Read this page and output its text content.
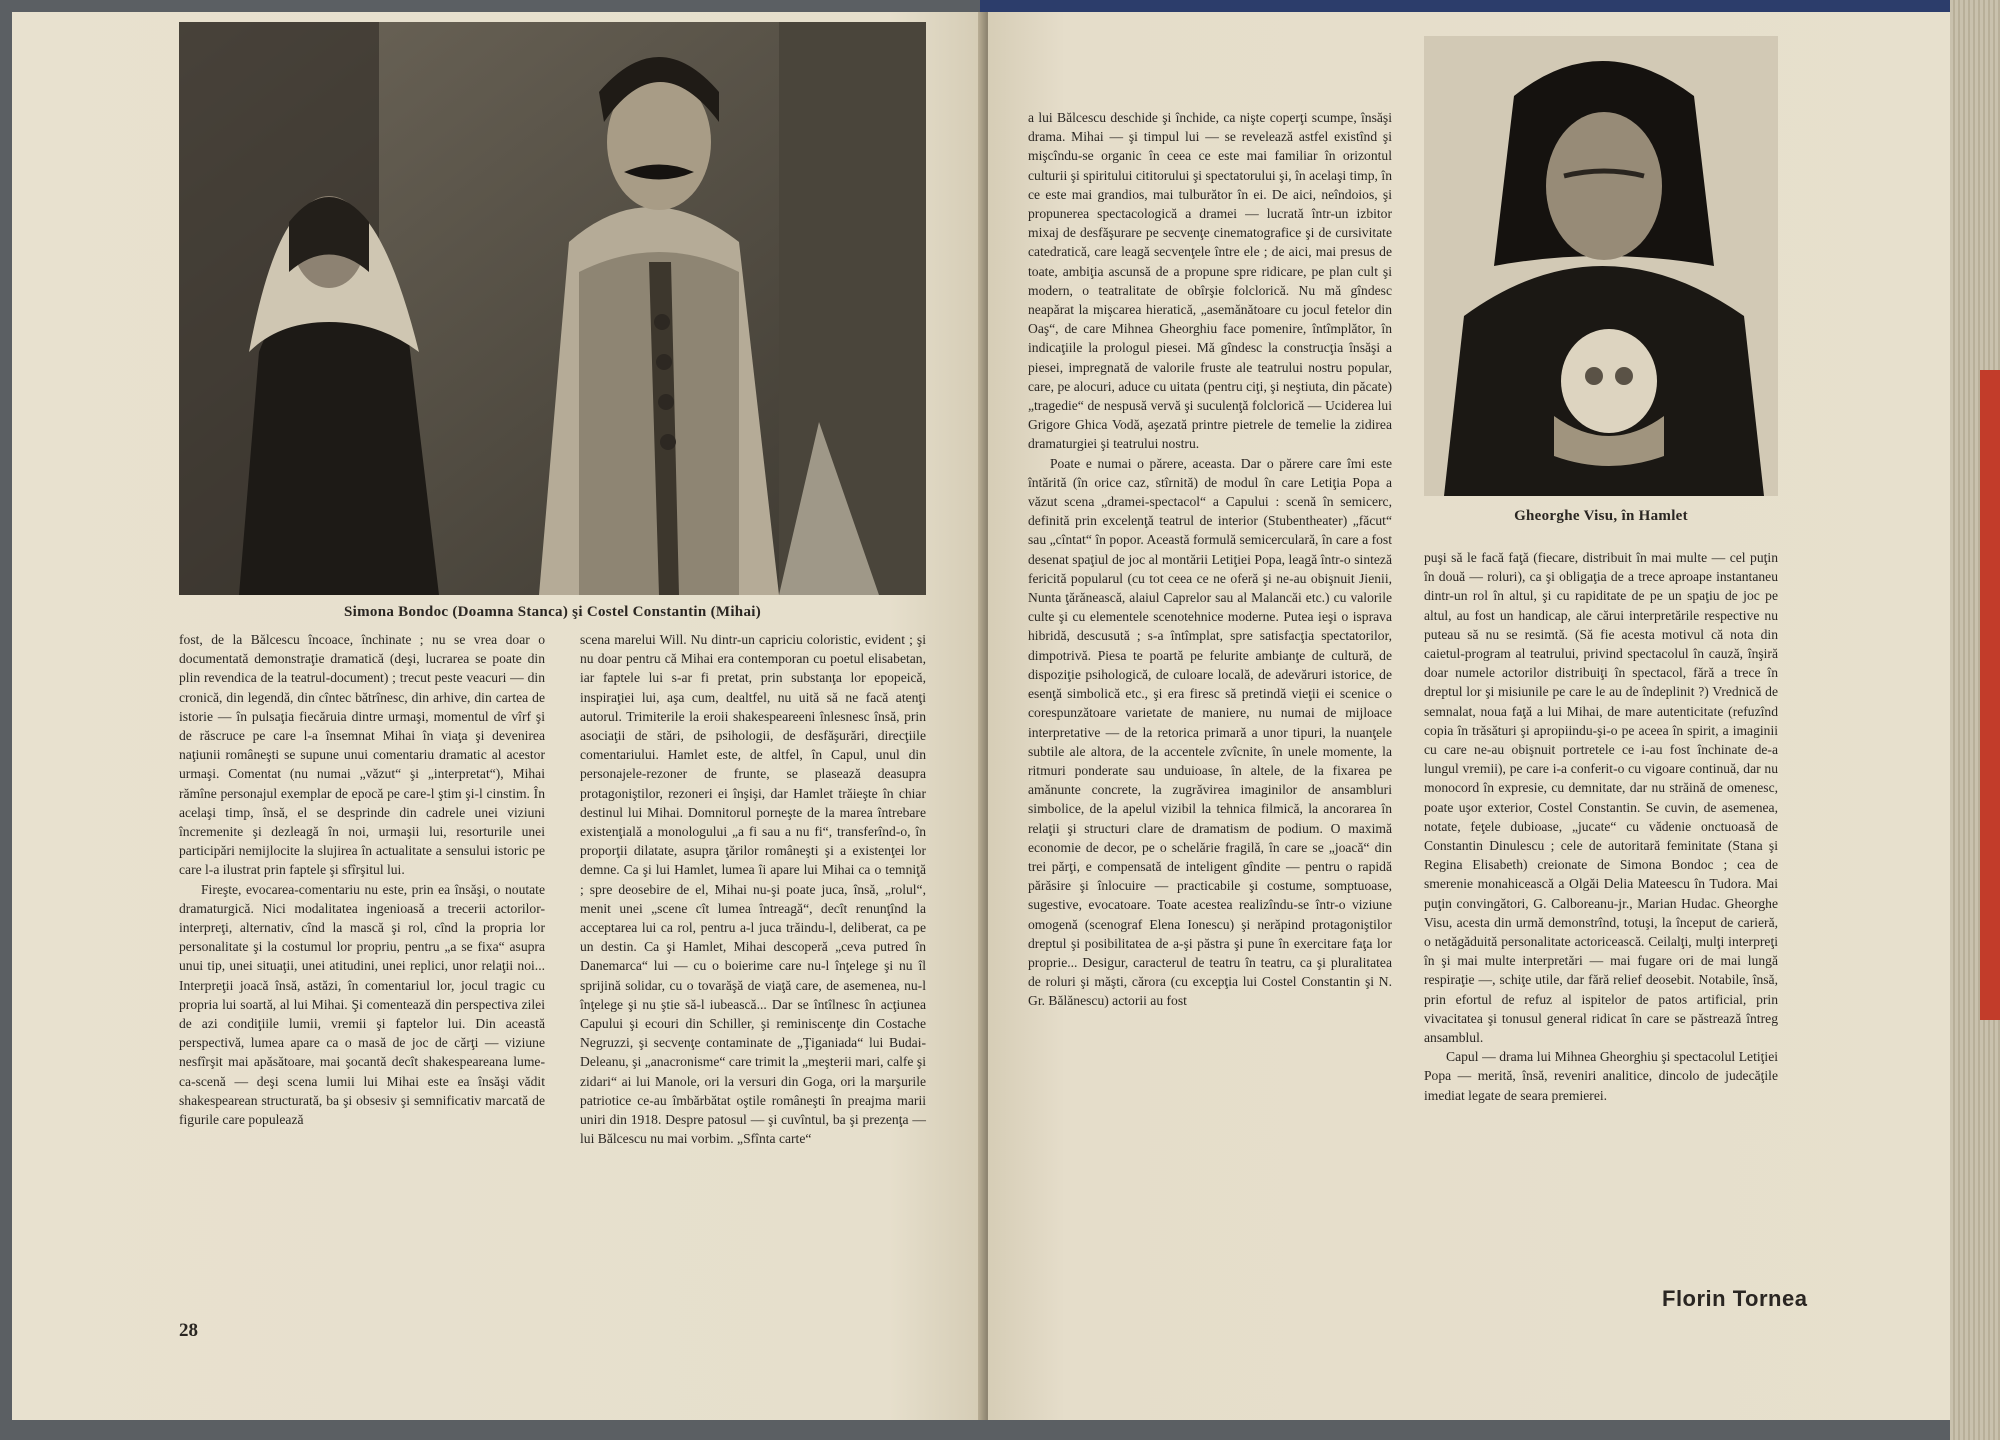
Simona Bondoc (Doamna Stanca) şi Costel Constantin (Mihai)

fost, de la Bălcescu încoace, închinate ; nu se vrea doar o documentată demonstraţie dramatică (deşi, lucrarea se poate din plin revendica de la teatrul-document) ; trecut peste veacuri — din cronică, din legendă, din cîntec bătrînesc, din arhive, din cartea de istorie — în pulsaţia fiecăruia dintre urmaşi, momentul de vîrf şi de răscruce pe care l-a însemnat Mihai în viaţa şi devenirea naţiunii româneşti se supune unui comentariu dramatic al acestor urmaşi. Comentat (nu numai „văzut“ şi „interpretat“), Mihai rămîne personajul exemplar de epocă pe care-l ştim şi-l cinstim. În acelaşi timp, însă, el se desprinde din cadrele unei viziuni încremenite şi dezleagă în noi, urmaşii lui, resorturile unei participări nemijlocite la slujirea în actualitate a sensului istoric pe care l-a ilustrat prin faptele şi sfîrşitul lui.

Fireşte, evocarea-comentariu nu este, prin ea însăşi, o noutate dramaturgică. Nici modalitatea ingenioasă a trecerii actorilor-interpreţi, alternativ, cînd la mască şi rol, cînd la propria lor personalitate şi la costumul lor propriu, pentru „a se fixa“ asupra unui tip, unei situaţii, unei atitudini, unei replici, unor relaţii noi... Interpreţii joacă însă, astăzi, în comentariul lor, jocul tragic cu propria lui soartă, al lui Mihai. Şi comentează din perspectiva zilei de azi condiţiile lumii, vremii şi faptelor lui. Din această perspectivă, lumea apare ca o masă de joc de cărţi — viziune nesfîrşit mai apăsătoare, mai şocantă decît shakespeareana lume-ca-scenă — deşi scena lumii lui Mihai este ea însăşi vădit shakespearean structurată, ba şi obsesiv şi semnificativ marcată de figurile care populează

scena marelui Will. Nu dintr-un capriciu coloristic, evident ; şi nu doar pentru că Mihai era contemporan cu poetul elisabetan, iar faptele lui s-ar fi pretat, prin substanţa lor epopeică, inspiraţiei lui, aşa cum, dealtfel, nu uită să ne facă atenţi autorul. Trimiterile la eroii shakespeareeni înlesnesc însă, prin asociaţii de stări, de psihologii, de desfăşurări, direcţiile comentariului. Hamlet este, de altfel, în Capul, unul din personajele-rezoner de frunte, se plasează deasupra protagoniştilor, rezoneri ei înşişi, dar Hamlet trăieşte în chiar destinul lui Mihai. Domnitorul porneşte de la marea întrebare existenţială a monologului „a fi sau a nu fi“, transferînd-o, în proporţii dilatate, asupra ţărilor româneşti şi a existenţei lor demne. Ca şi lui Hamlet, lumea îi apare lui Mihai ca o temniţă ; spre deosebire de el, Mihai nu-şi poate juca, însă, „rolul“, menit unei „scene cît lumea întreagă“, decît renunţînd la acceptarea lui ca rol, pentru a-l juca trăindu-l, deliberat, ca pe un destin. Ca şi Hamlet, Mihai descoperă „ceva putred în Danemarca“ lui — cu o boierime care nu-l înţelege şi nu îl sprijină solidar, cu o tovarăşă de viaţă care, de asemenea, nu-l înţelege şi nu ştie să-l iubească... Dar se întîlnesc în acţiunea Capului şi ecouri din Schiller, şi reminiscenţe din Costache Negruzzi, şi secvenţe contaminate de „Ţiganiada“ lui Budai-Deleanu, şi „anacronisme“ care trimit la „meşterii mari, calfe şi zidari“ ai lui Manole, ori la versuri din Goga, ori la marşurile patriotice ce-au îmbărbătat oştile româneşti în preajma marii uniri din 1918. Despre patosul — şi cuvîntul, ba şi prezenţa — lui Bălcescu nu mai vorbim. „Sfînta carte“

28
Gheorghe Visu, în Hamlet

a lui Bălcescu deschide şi închide, ca nişte coperţi scumpe, însăşi drama. Mihai — şi timpul lui — se revelează astfel existînd şi mişcîndu-se organic în ceea ce este mai familiar în orizontul culturii şi spiritului cititorului şi spectatorului şi, în acelaşi timp, în ce este mai grandios, mai tulburător în ei. De aici, neîndoios, şi propunerea spectacologică a dramei — lucrată într-un izbitor mixaj de desfăşurare pe secvenţe cinematografice şi de cursivitate catedratică, care leagă secvenţele între ele ; de aici, mai presus de toate, ambiţia ascunsă de a propune spre ridicare, pe plan cult şi modern, o teatralitate de obîrşie folclorică. Nu mă gîndesc neapărat la mişcarea hieratică, „asemănătoare cu jocul fetelor din Oaş“, de care Mihnea Gheorghiu face pomenire, întîmplător, în indicaţiile la prologul piesei. Mă gîndesc la construcţia însăşi a piesei, impregnată de valorile fruste ale teatrului nostru popular, care, pe alocuri, aduce cu uitata (pentru ciţi, şi neştiuta, din păcate) „tragedie“ de nespusă vervă şi suculenţă folclorică — Uciderea lui Grigore Ghica Vodă, aşezată printre pietrele de temelie la zidirea dramaturgiei şi teatrului nostru.

Poate e numai o părere, aceasta. Dar o părere care îmi este întărită (în orice caz, stîrnită) de modul în care Letiţia Popa a văzut scena „dramei-spectacol“ a Capului : scenă în semicerc, definită prin excelenţă teatrul de interior (Stubentheater) „făcut“ sau „cîntat“ în popor. Această formulă semicerculară, în care a fost desenat spaţiul de joc al montării Letiţiei Popa, leagă într-o sinteză fericită popularul (cu tot ceea ce ne oferă şi ne-au obişnuit Jienii, Nunta ţărănească, alaiul Caprelor sau al Malancăi etc.) cu valorile culte şi cu elementele scenotehnice moderne. Putea ieşi o isprava hibridă, descusută ; s-a întîmplat, spre satisfacţia spectatorilor, dimpotrivă. Piesa te poartă pe felurite ambianţe de cultură, de dispoziţie psihologică, de culoare locală, de adevăruri istorice, de esenţă simbolică etc., şi era firesc să pretindă vieţii ei scenice o corespunzătoare varietate de maniere, nu numai de mijloace interpretative — de la retorica primară a unor tipuri, la nuanţele subtile ale altora, de la accentele zvîcnite, în unele momente, la ritmuri ponderate sau unduioase, în altele, de la fixarea pe amănunte concrete, la zugrăvirea imaginilor de ansambluri simbolice, de la apelul vizibil la tehnica filmică, la ancorarea în relaţii şi structuri clare de dramatism de podium. O maximă economie de decor, pe o schelărie fragilă, în care se „joacă“ din trei părţi, e compensată de inteligent gîndite — pentru o rapidă părăsire şi înlocuire — practicabile şi costume, somptuoase, sugestive, evocatoare. Toate acestea realizîndu-se într-o viziune omogenă (scenograf Elena Ionescu) şi nerăpind protagoniştilor dreptul şi posibilitatea de a-şi păstra şi pune în exercitare faţa lor proprie... Desigur, caracterul de teatru în teatru, ca şi pluralitatea de roluri şi măşti, cărora (cu excepţia lui Costel Constantin şi N. Gr. Bălănescu) actorii au fost

puşi să le facă faţă (fiecare, distribuit în mai multe — cel puţin în două — roluri), ca şi obligaţia de a trece aproape instantaneu dintr-un rol în altul, şi cu rapiditate de pe un spaţiu de joc pe altul, au fost un handicap, ale cărui interpretările respective nu puteau să nu se resimtă. (Să fie acesta motivul că nota din caietul-program al teatrului, privind spectacolul în cauză, înşiră doar numele actorilor distribuiţi în spectacol, fără a trece în dreptul lor şi misiunile pe care le au de îndeplinit ?) Vrednică de semnalat, noua faţă a lui Mihai, de mare autenticitate (refuzînd copia în trăsături şi apropiindu-şi-o pe aceea în spirit, a imaginii cu care ne-au obişnuit portretele ce i-au fost închinate de-a lungul vremii), pe care i-a conferit-o cu vigoare continuă, dar nu monocord în expresie, cu demnitate, dar nu străină de omenesc, poate uşor exterior, Costel Constantin. Se cuvin, de asemenea, notate, feţele dubioase, „jucate“ cu vădenie onctuoasă de Constantin Dinulescu ; cele de autoritară feminitate (Stana şi Regina Elisabeth) creionate de Simona Bondoc ; cea de smerenie monahicească a Olgăi Delia Mateescu în Tudora. Mai puţin convingători, G. Calboreanu-jr., Marian Hudac. Gheorghe Visu, acesta din urmă demonstrînd, totuşi, la început de carieră, o netăgăduită personalitate actoricească. Ceilalţi, mulţi interpreţi în şi mai multe interpretări — mai fugare ori de mai lungă respiraţie —, schiţe utile, dar fără relief deosebit. Notabile, însă, prin efortul de refuz al ispitelor de patos artificial, prin vivacitatea şi tonusul general ridicat în care se păstrează întreg ansamblul.

Capul — drama lui Mihnea Gheorghiu şi spectacolul Letiţiei Popa — merită, însă, reveniri analitice, dincolo de judecăţile imediat legate de seara premierei.

Florin Tornea
